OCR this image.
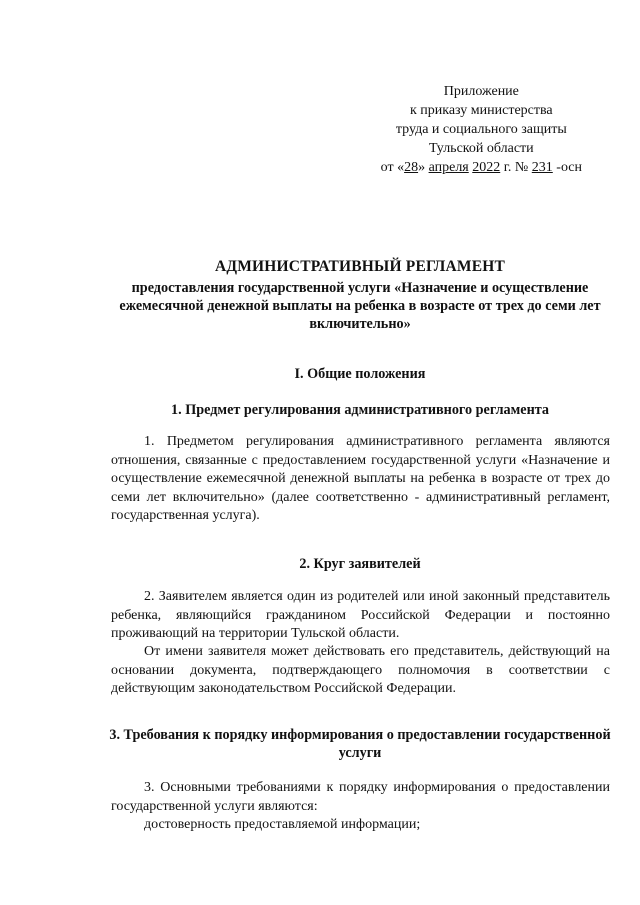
Приложение
к приказу министерства
труда и социального защиты
Тульской области
от «28» апреля 2022 г. № 231 -осн
АДМИНИСТРАТИВНЫЙ РЕГЛАМЕНТ

предоставления государственной услуги «Назначение и осуществление ежемесячной денежной выплаты на ребенка в возрасте от трех до семи лет включительно»

I. Общие положения
1. Предмет регулирования административного регламента

1. Предметом регулирования административного регламента являются отношения, связанные с предоставлением государственной услуги «Назначение и осуществление ежемесячной денежной выплаты на ребенка в возрасте от трех до семи лет включительно» (далее соответственно - административный регламент, государственная услуга).

2. Круг заявителей

2. Заявителем является один из родителей или иной законный представитель ребенка, являющийся гражданином Российской Федерации и постоянно проживающий на территории Тульской области.

От имени заявителя может действовать его представитель, действующий на основании документа, подтверждающего полномочия в соответствии с действующим законодательством Российской Федерации.

3. Требования к порядку информирования о предоставлении государственной услуги

3. Основными требованиями к порядку информирования о предоставлении государственной услуги являются:

достоверность предоставляемой информации;
